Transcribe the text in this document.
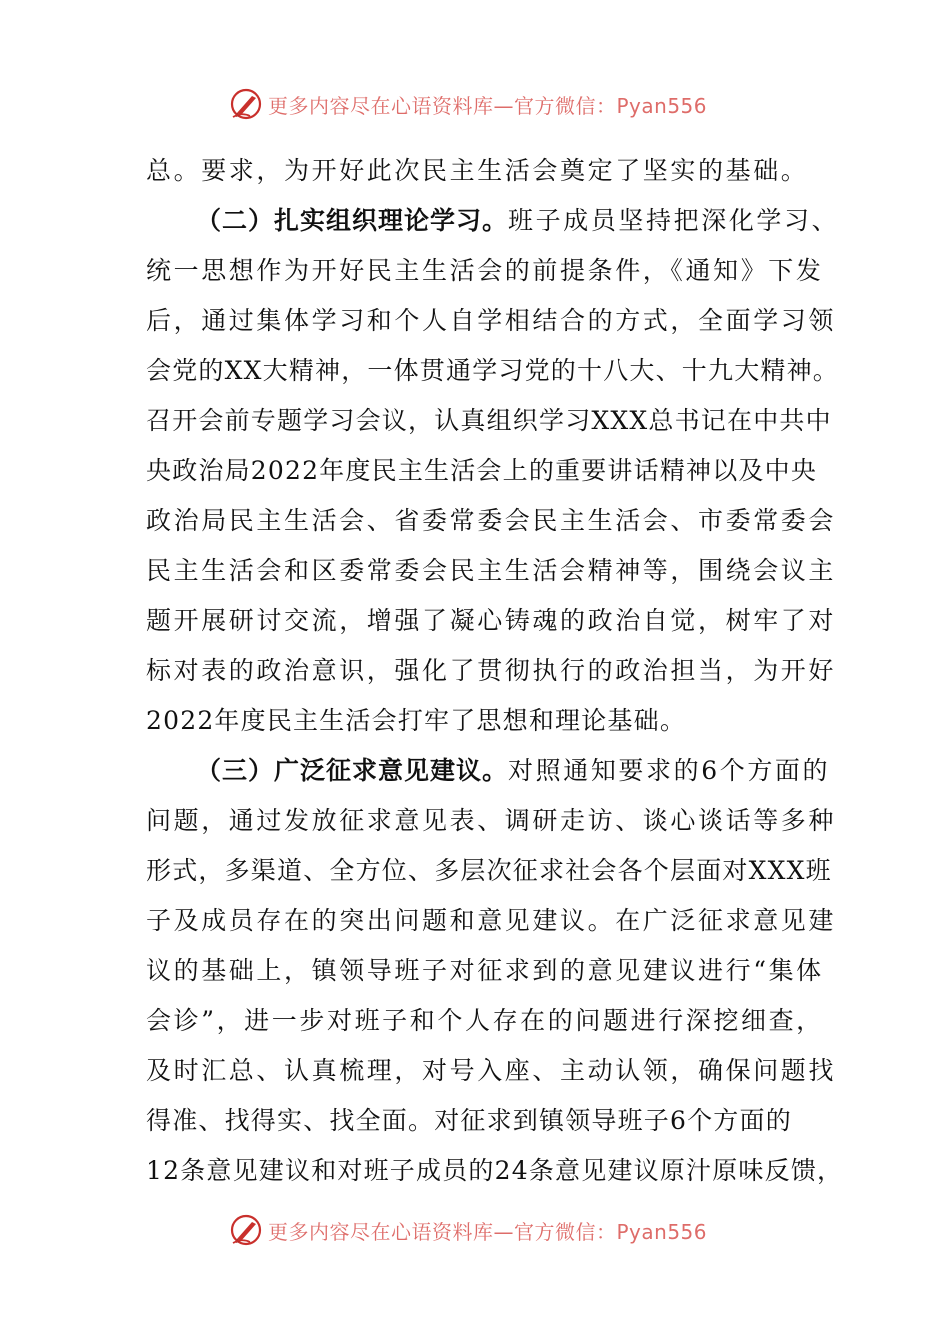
更多内容尽在心语资料库—官方微信：Pyan556
总。要求，为开好此次民主生活会奠定了坚实的基础。
（二）扎实组织理论学习。班子成员坚持把深化学习、
统一思想作为开好民主生活会的前提条件，《通知》下发
后，通过集体学习和个人自学相结合的方式，全面学习领
会党的XX大精神，一体贯通学习党的十八大、十九大精神。
召开会前专题学习会议，认真组织学习XXX总书记在中共中
央政治局2022年度民主生活会上的重要讲话精神以及中央
政治局民主生活会、省委常委会民主生活会、市委常委会
民主生活会和区委常委会民主生活会精神等，围绕会议主
题开展研讨交流，增强了凝心铸魂的政治自觉，树牢了对
标对表的政治意识，强化了贯彻执行的政治担当，为开好
2022年度民主生活会打牢了思想和理论基础。
（三）广泛征求意见建议。对照通知要求的6个方面的
问题，通过发放征求意见表、调研走访、谈心谈话等多种
形式，多渠道、全方位、多层次征求社会各个层面对XXX班
子及成员存在的突出问题和意见建议。在广泛征求意见建
议的基础上，镇领导班子对征求到的意见建议进行“集体
会诊”，进一步对班子和个人存在的问题进行深挖细查，
及时汇总、认真梳理，对号入座、主动认领，确保问题找
得准、找得实、找全面。对征求到镇领导班子6个方面的
12条意见建议和对班子成员的24条意见建议原汁原味反馈，
更多内容尽在心语资料库—官方微信：Pyan556
